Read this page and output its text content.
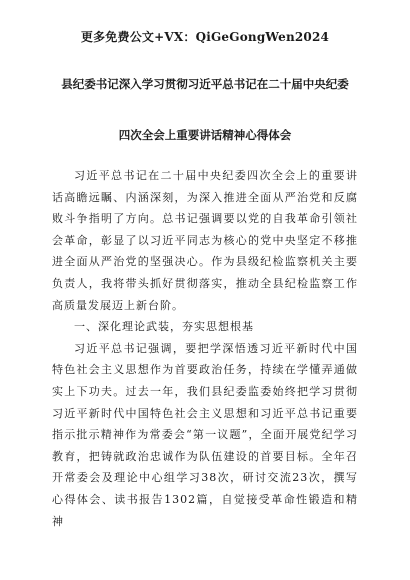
更多免费公文+VX：QiGeGongWen2024

县纪委书记深入学习贯彻习近平总书记在二十届中央纪委

四次全会上重要讲话精神心得体会

习近平总书记在二十届中央纪委四次全会上的重要讲话高瞻远瞩、内涵深刻，为深入推进全面从严治党和反腐败斗争指明了方向。总书记强调要以党的自我革命引领社会革命，彰显了以习近平同志为核心的党中央坚定不移推进全面从严治党的坚强决心。作为县级纪检监察机关主要负责人，我将带头抓好贯彻落实，推动全县纪检监察工作高质量发展迈上新台阶。

一、深化理论武装，夯实思想根基

习近平总书记强调，要把学深悟透习近平新时代中国特色社会主义思想作为首要政治任务，持续在学懂弄通做实上下功夫。过去一年，我们县纪委监委始终把学习贯彻习近平新时代中国特色社会主义思想和习近平总书记重要指示批示精神作为常委会“第一议题”，全面开展党纪学习教育，把铸就政治忠诚作为队伍建设的首要目标。全年召开常委会及理论中心组学习38次，研讨交流23次，撰写心得体会、读书报告1302篇，自觉接受革命性锻造和精神
